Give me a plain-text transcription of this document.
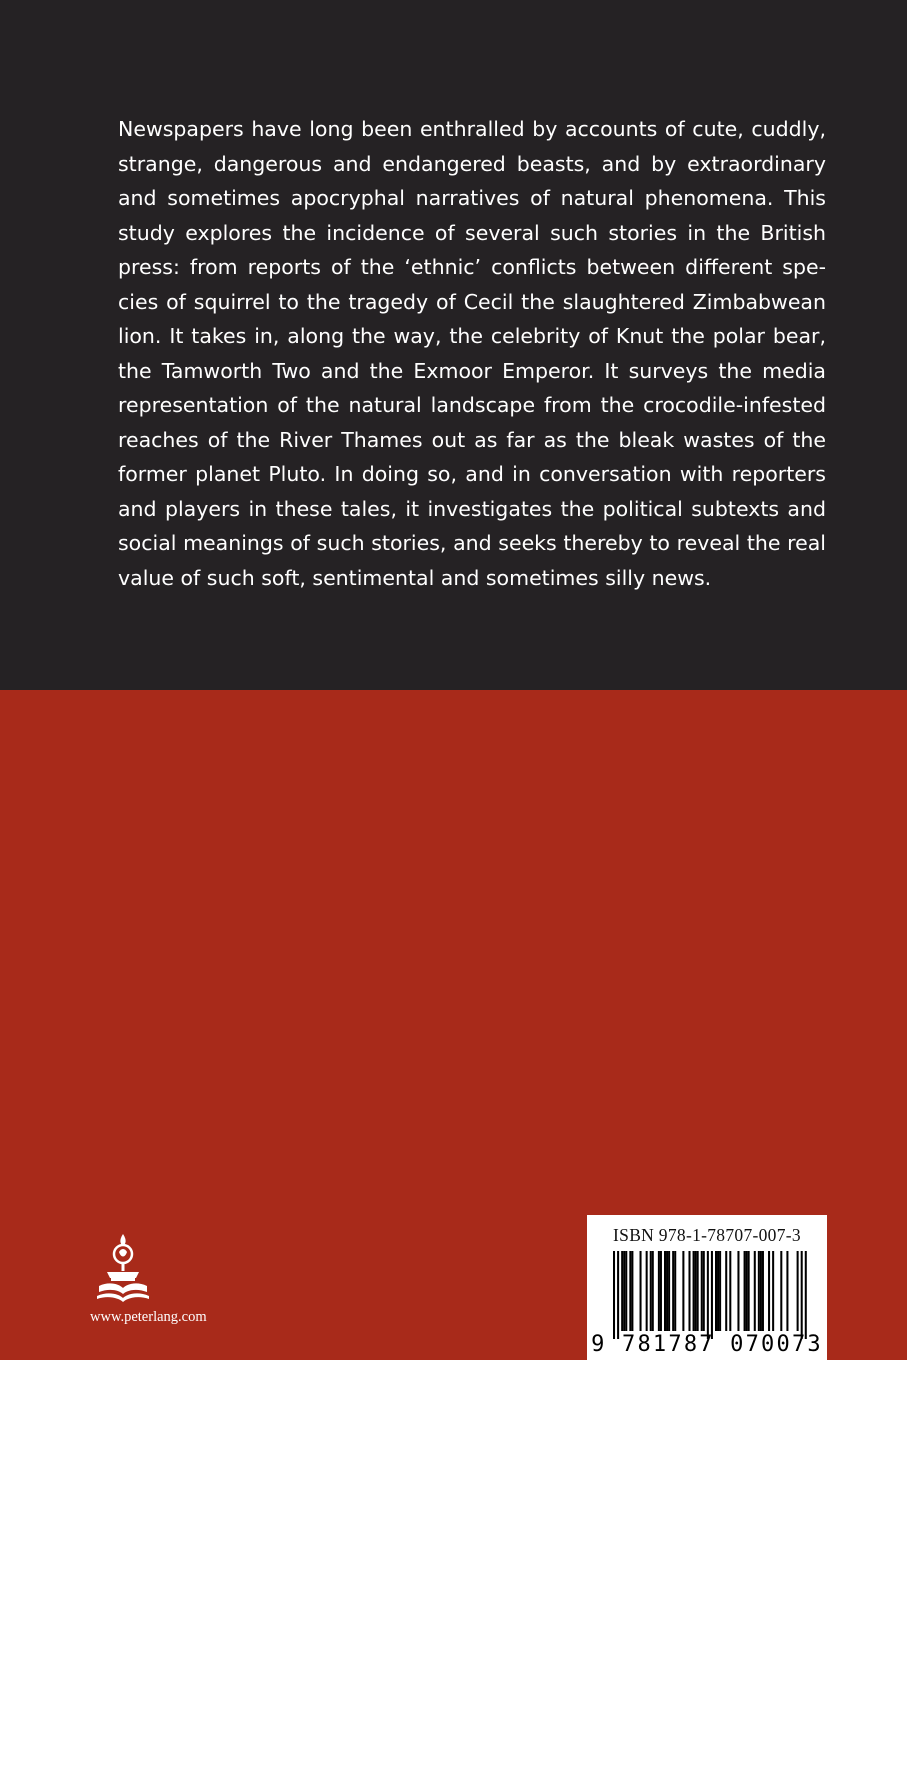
Newspapers have long been enthralled by accounts of cute, cuddly, strange, dangerous and endangered beasts, and by extraordinary and sometimes apocryphal narratives of natural phenomena. This study explores the incidence of several such stories in the British press: from reports of the ‘ethnic’ conflicts between different species of squirrel to the tragedy of Cecil the slaughtered Zimbabwean lion. It takes in, along the way, the celebrity of Knut the polar bear, the Tamworth Two and the Exmoor Emperor. It surveys the media representation of the natural landscape from the crocodile-infested reaches of the River Thames out as far as the bleak wastes of the former planet Pluto. In doing so, and in conversation with reporters and players in these tales, it investigates the political subtexts and social meanings of such stories, and seeks thereby to reveal the real value of such soft, sentimental and sometimes silly news.

Alec Charles is Head of Media at the University of Chester and co-convenor of the Political Studies Association’s Media & Politics Group. He has previously taught at universities in Japan, Eastern Europe, Cornwall and Luton, and has worked as a print journalist and made cultural documentaries for BBC Radio 3. He is the author of Interactivity: New Media, Politics & Society, Interactivity 2 and Out of Time: The Deaths & Resurrections of Doctor Who. He is co-editor of The End of Journalism and editor of Media in the Enlarged Europe, Media/Democracy and The End of Journalism 2.

www.peterlang.com
ISBN 978-1-78707-007-3
9 781787 070073
